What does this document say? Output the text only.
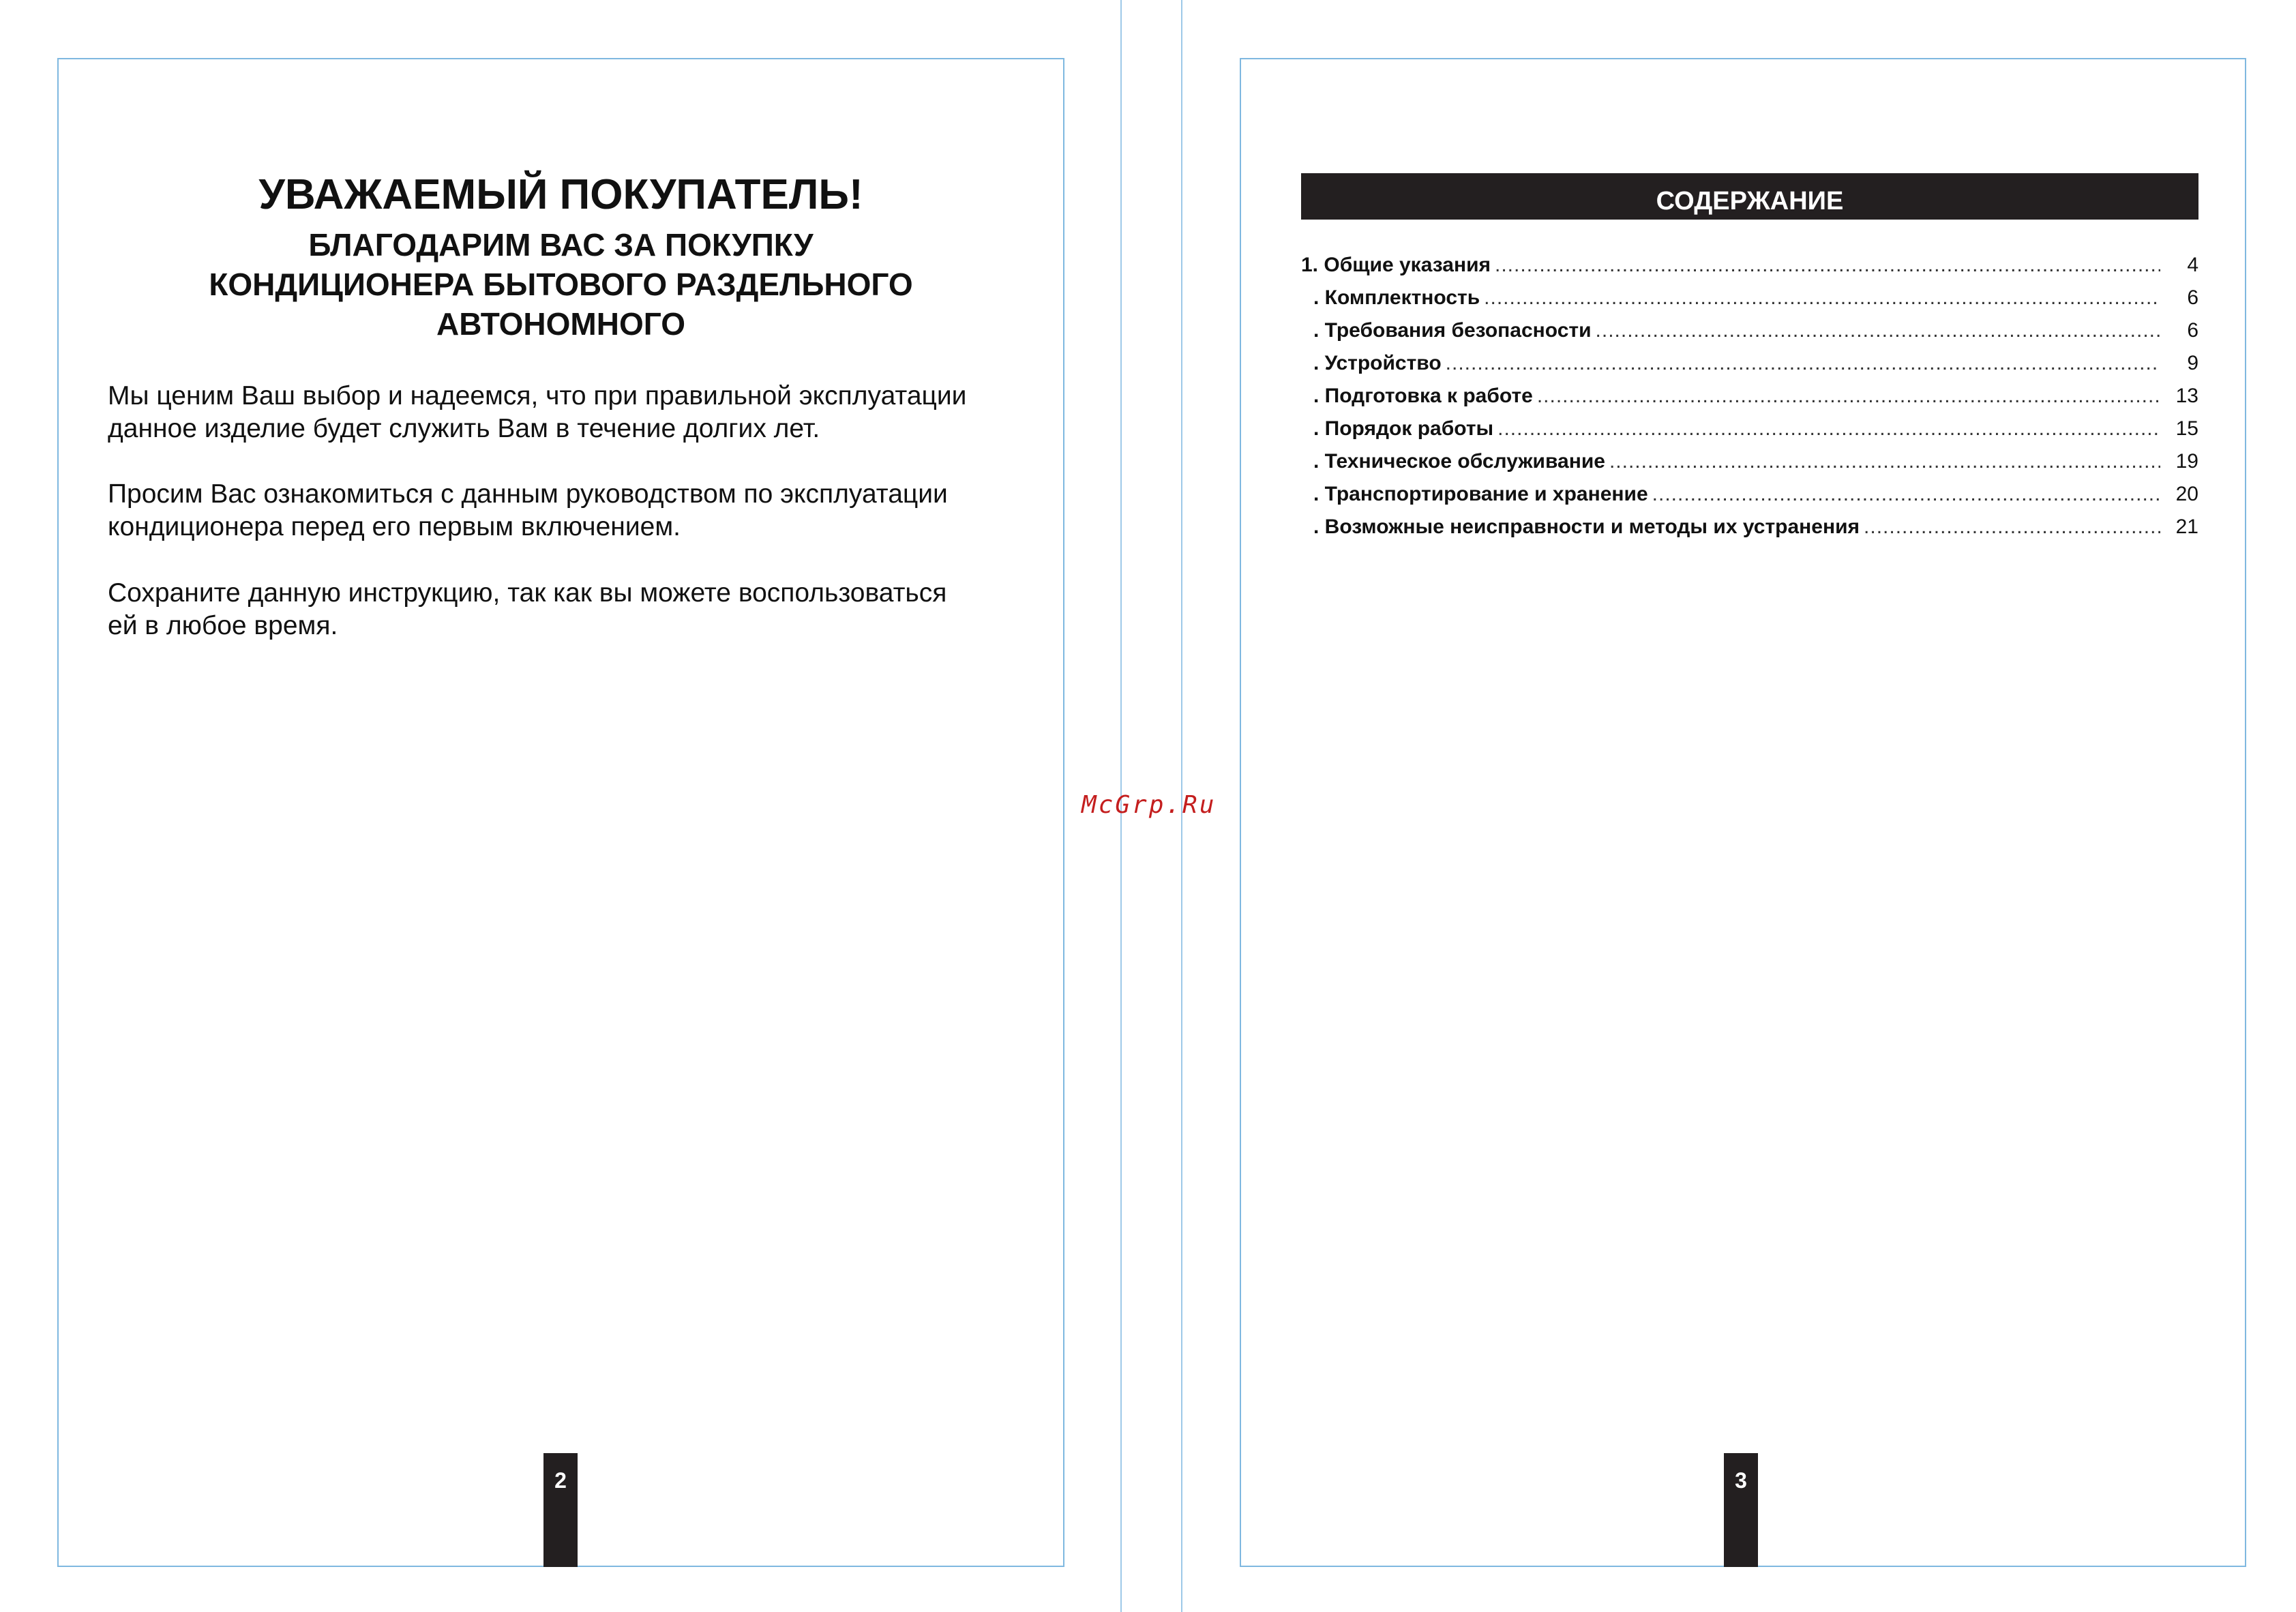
УВАЖАЕМЫЙ ПОКУПАТЕЛЬ!
БЛАГОДАРИМ ВАС ЗА ПОКУПКУ
КОНДИЦИОНЕРА БЫТОВОГО РАЗДЕЛЬНОГО
АВТОНОМНОГО
Мы ценим Ваш выбор и надеемся, что при правильной эксплуатации
данное изделие будет служить Вам в течение долгих лет.
Просим Вас ознакомиться с данным руководством по эксплуатации
кондиционера перед его первым включением.
Сохраните данную инструкцию, так как вы можете воспользоваться
ей в любое время.
2
СОДЕРЖАНИЕ
1. Общие указания .....	4
. Комплектность .....	6
. Требования безопасности .....	6
. Устройство .....	9
. Подготовка к работе .....	13
. Порядок работы .....	15
. Техническое обслуживание .....	19
. Транспортирование и хранение .....	20
. Возможные неисправности и методы их устранения .....	21
3
McGrp.Ru
